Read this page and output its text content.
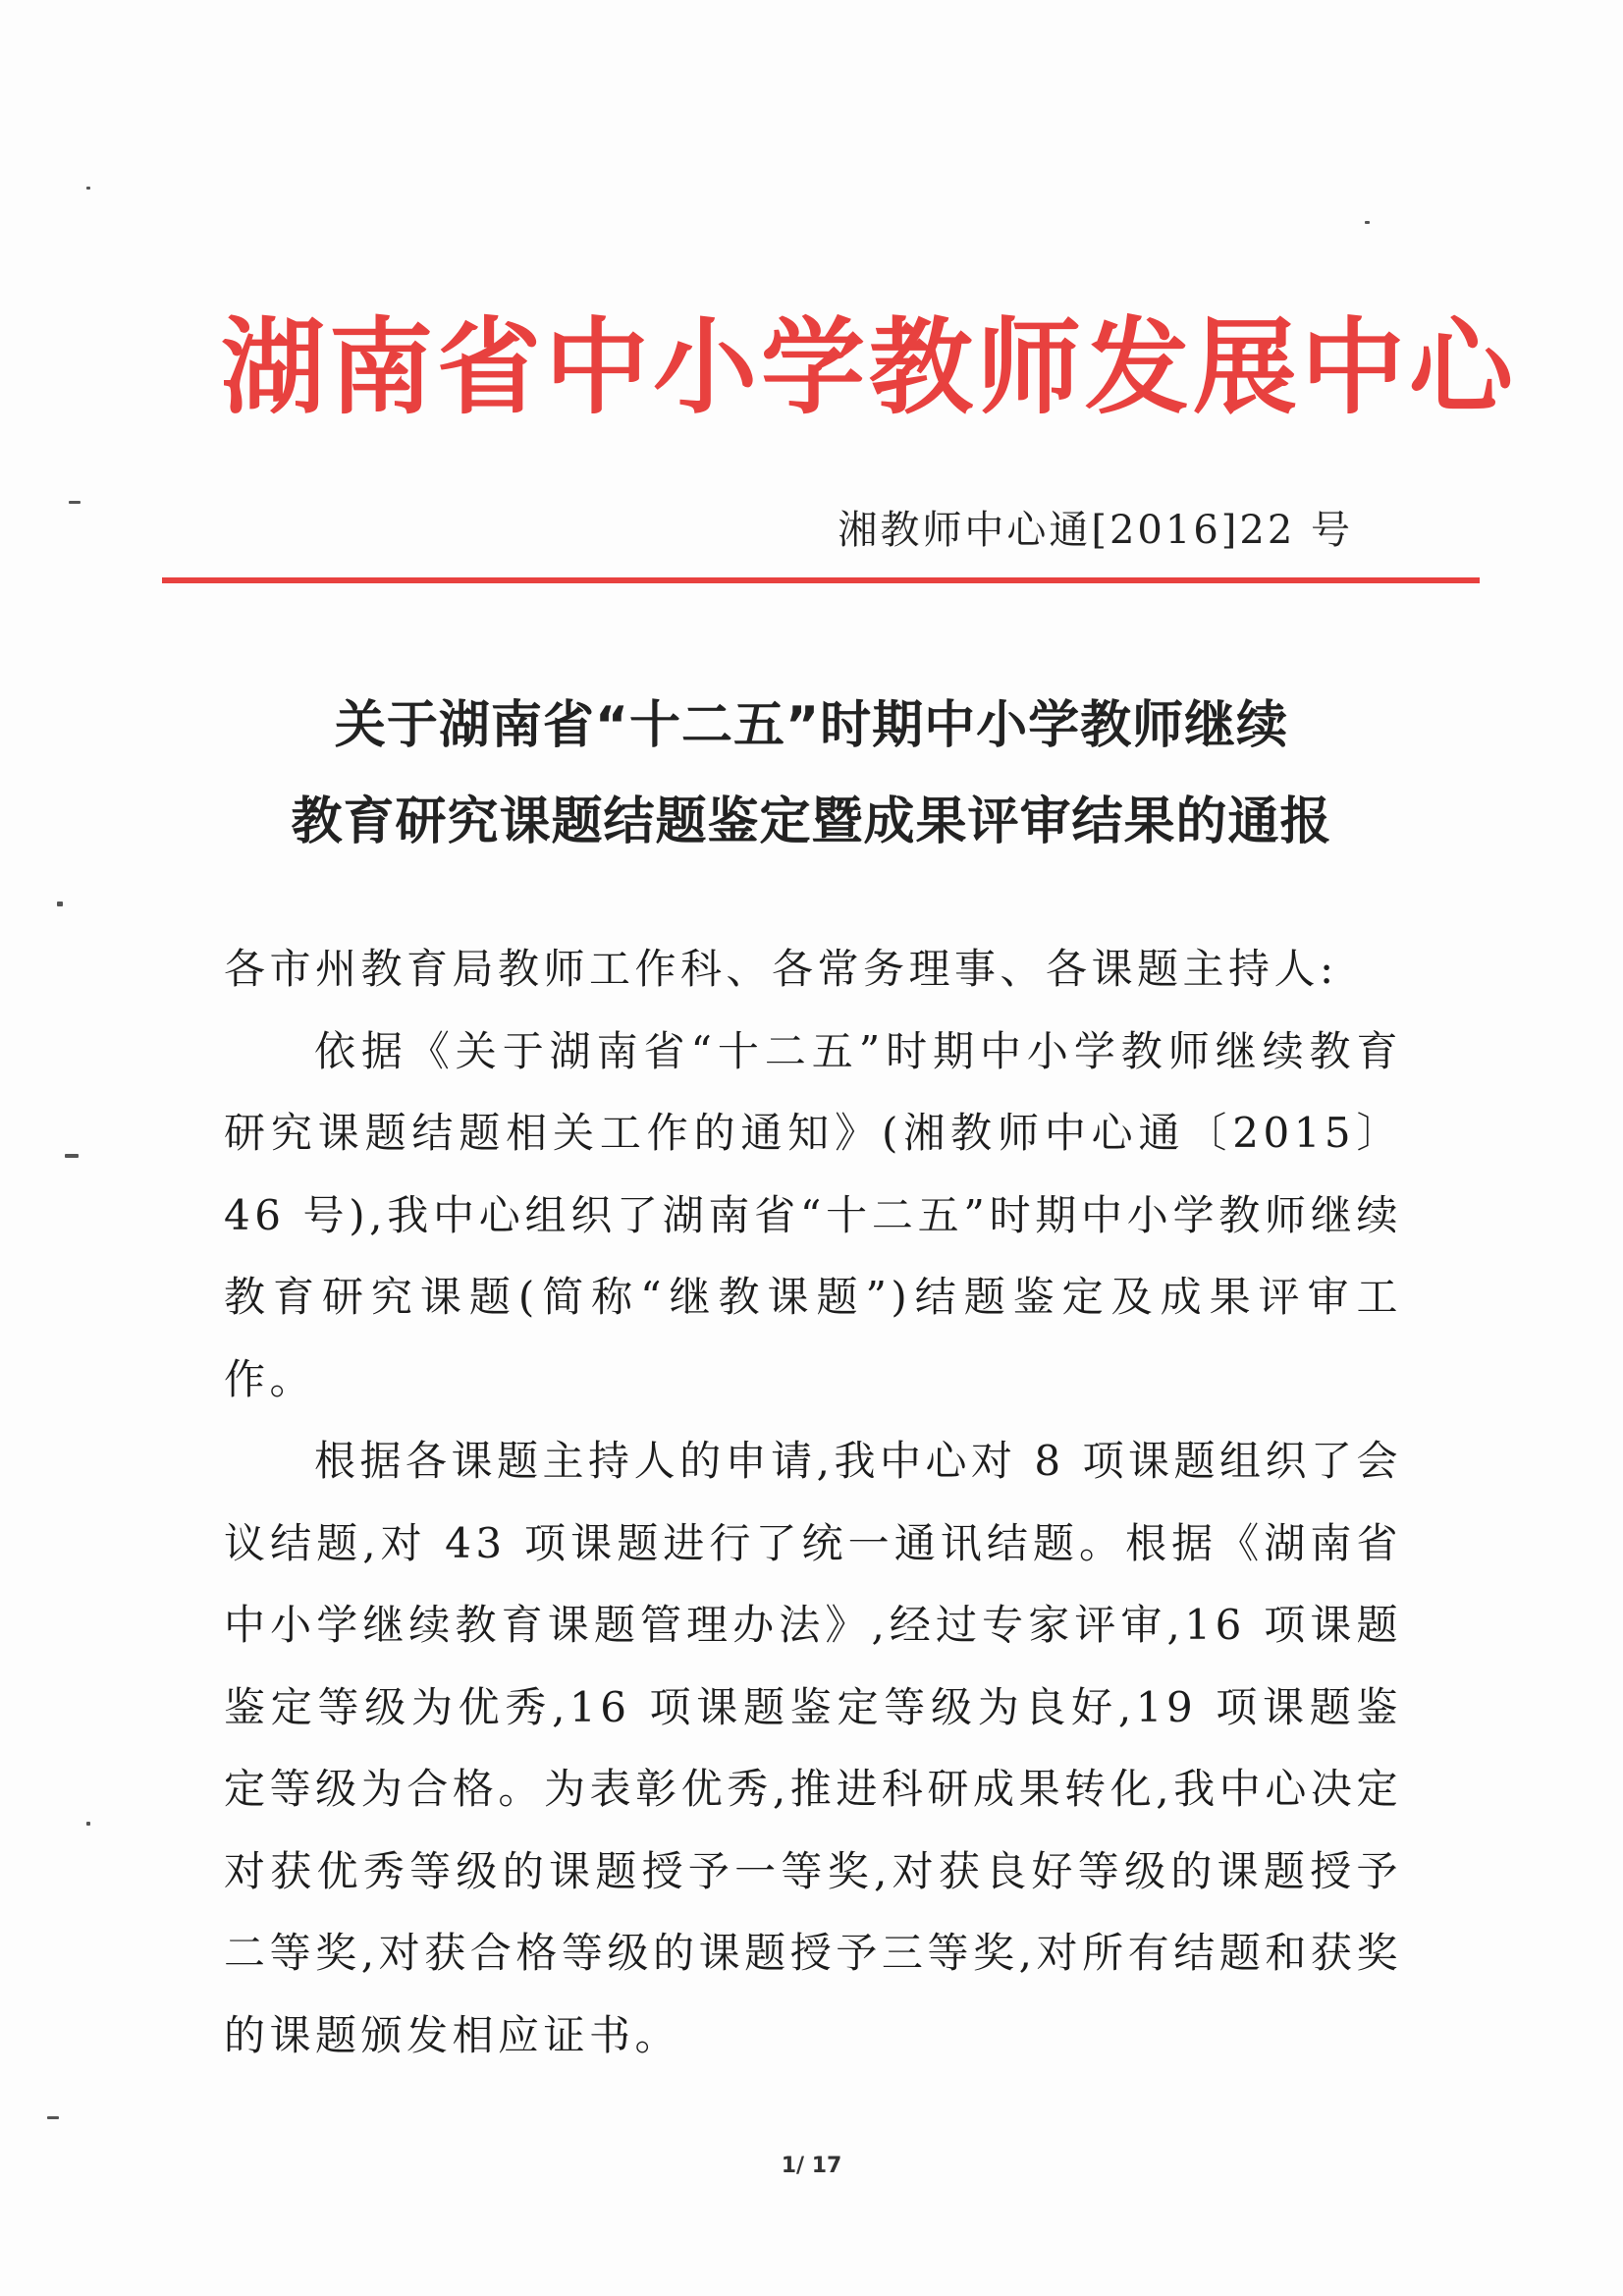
湖南省中小学教师发展中心
湘教师中心通[2016]22 号
关于湖南省“十二五”时期中小学教师继续
教育研究课题结题鉴定暨成果评审结果的通报

各市州教育局教师工作科、各常务理事、各课题主持人:

依据《关于湖南省“十二五”时期中小学教师继续教育研究课题结题相关工作的通知》(湘教师中心通〔2015〕46 号),我中心组织了湖南省“十二五”时期中小学教师继续教育研究课题(简称“继教课题”)结题鉴定及成果评审工作。

根据各课题主持人的申请,我中心对 8 项课题组织了会议结题,对 43 项课题进行了统一通讯结题。根据《湖南省中小学继续教育课题管理办法》,经过专家评审,16 项课题鉴定等级为优秀,16 项课题鉴定等级为良好,19 项课题鉴定等级为合格。为表彰优秀,推进科研成果转化,我中心决定对获优秀等级的课题授予一等奖,对获良好等级的课题授予二等奖,对获合格等级的课题授予三等奖,对所有结题和获奖的课题颁发相应证书。

1/ 17
